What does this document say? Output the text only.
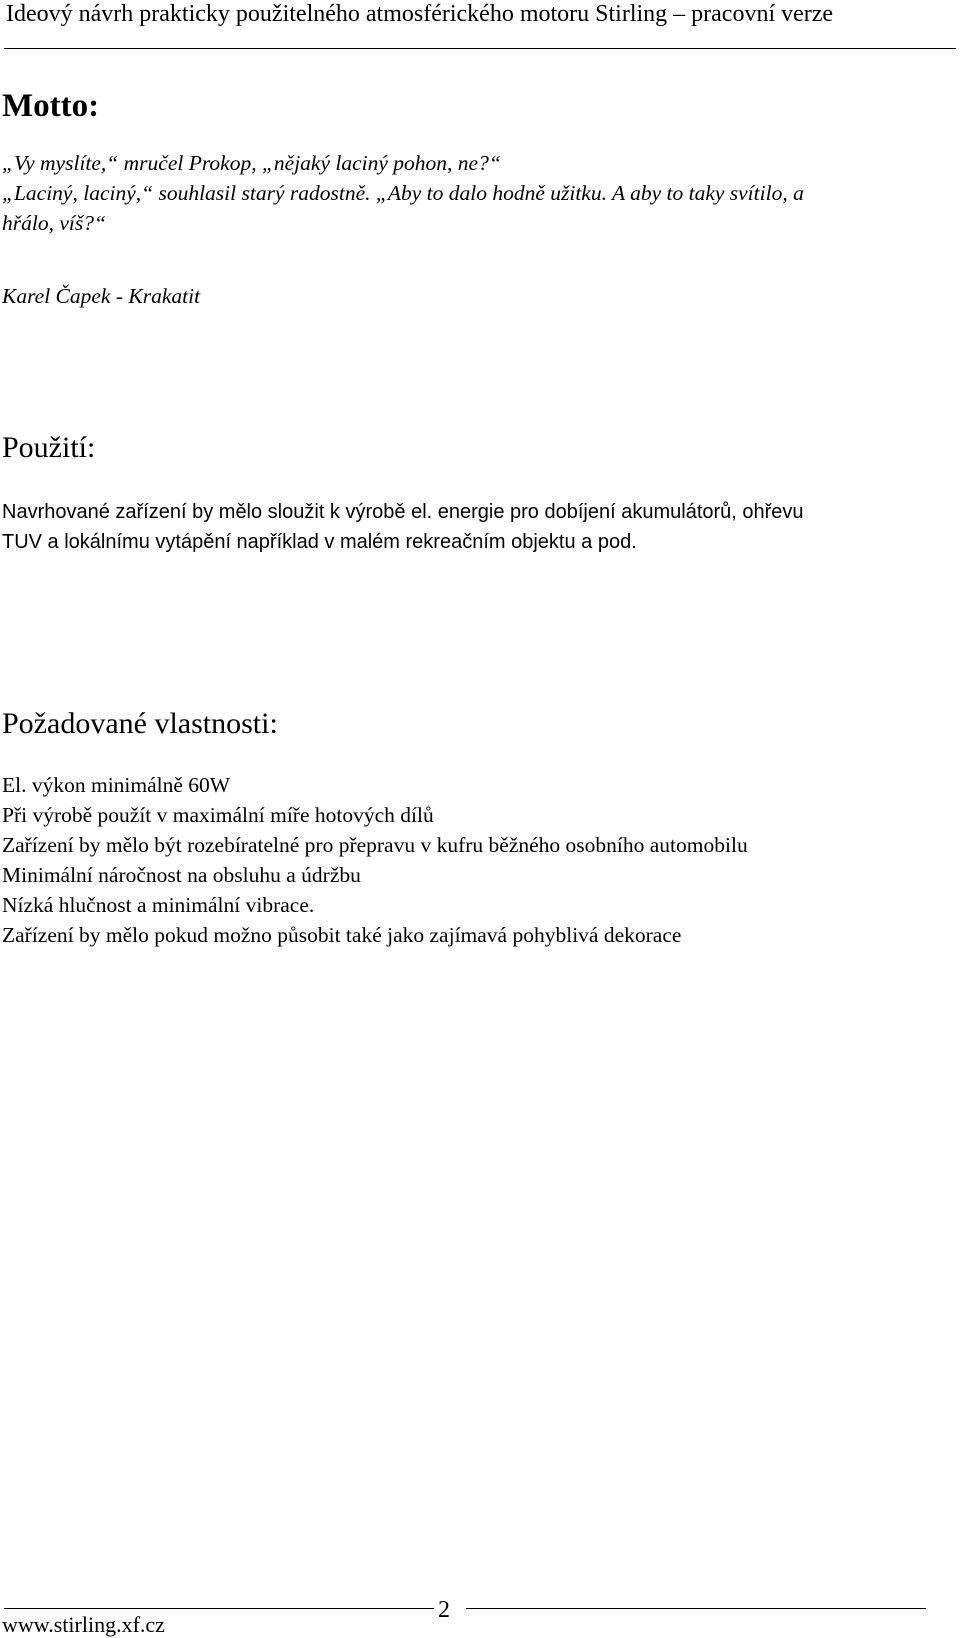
Ideový návrh prakticky použitelného atmosférického motoru Stirling – pracovní verze
Motto:
„Vy myslíte,“ mručel Prokop, „nějaký laciný pohon, ne?“
„Laciný, laciný,“ souhlasil starý radostně. „Aby to dalo hodně užitku. A aby to taky svítilo, a
hřálo, víš?“
Karel Čapek - Krakatit
Použití:
Navrhované zařízení by mělo sloužit k výrobě el. energie pro dobíjení akumulátorů, ohřevu
TUV a lokálnímu vytápění například v malém rekreačním objektu a pod.
Požadované vlastnosti:
El. výkon minimálně 60W
Při výrobě použít v maximální míře hotových dílů
Zařízení by mělo být rozebíratelné pro přepravu v kufru běžného osobního automobilu
Minimální náročnost na obsluhu a údržbu
Nízká hlučnost a minimální vibrace.
Zařízení by mělo pokud možno působit také jako zajímavá pohyblivá dekorace
www.stirling.xf.cz
2
